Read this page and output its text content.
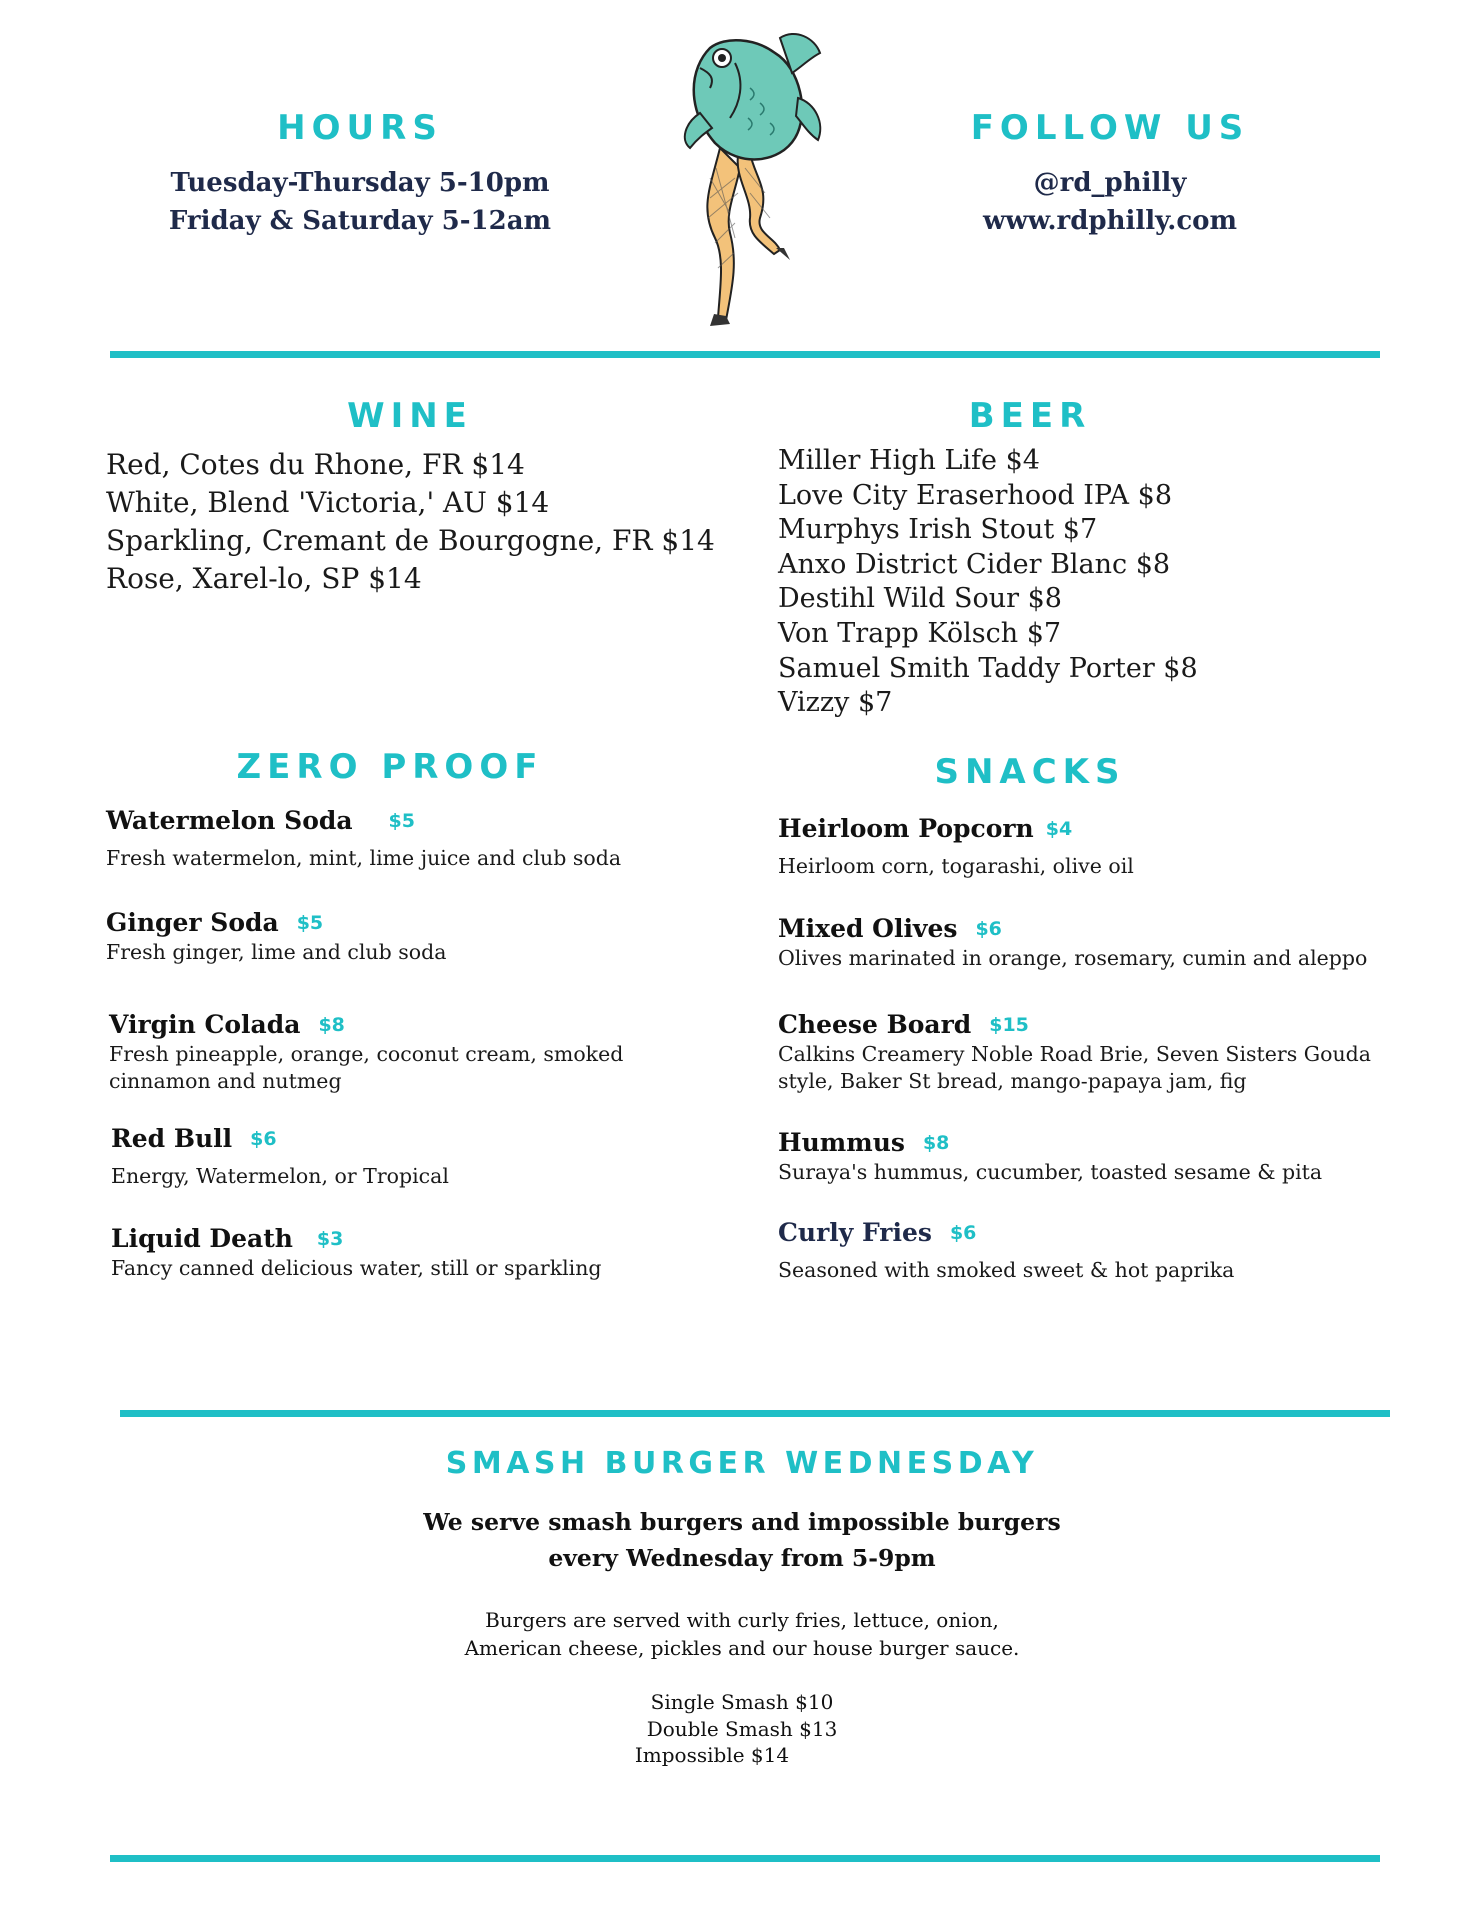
HOURS
Tuesday-Thursday 5-10pm
Friday & Saturday 5-12am
FOLLOW US
@rd_philly
www.rdphilly.com
WINE
Red, Cotes du Rhone, FR $14
White, Blend 'Victoria,' AU $14
Sparkling, Cremant de Bourgogne, FR $14
Rose, Xarel-lo, SP $14
BEER
Miller High Life $4
Love City Eraserhood IPA $8
Murphys Irish Stout $7
Anxo District Cider Blanc $8
Destihl Wild Sour $8
Von Trapp Kölsch $7
Samuel Smith Taddy Porter $8
Vizzy $7
ZERO PROOF
Watermelon Soda $5
Fresh watermelon, mint, lime juice and club soda
Ginger Soda $5
Fresh ginger, lime and club soda
Virgin Colada $8
Fresh pineapple, orange, coconut cream, smoked
cinnamon and nutmeg
Red Bull $6
Energy, Watermelon, or Tropical
Liquid Death $3
Fancy canned delicious water, still or sparkling
SNACKS
Heirloom Popcorn $4
Heirloom corn, togarashi, olive oil
Mixed Olives $6
Olives marinated in orange, rosemary, cumin and aleppo
Cheese Board $15
Calkins Creamery Noble Road Brie, Seven Sisters Gouda
style, Baker St bread, mango-papaya jam, fig
Hummus $8
Suraya's hummus, cucumber, toasted sesame & pita
Curly Fries $6
Seasoned with smoked sweet & hot paprika
SMASH BURGER WEDNESDAY
We serve smash burgers and impossible burgers
every Wednesday from 5-9pm
Burgers are served with curly fries, lettuce, onion,
American cheese, pickles and our house burger sauce.
Single Smash $10
Double Smash $13
Impossible $14
